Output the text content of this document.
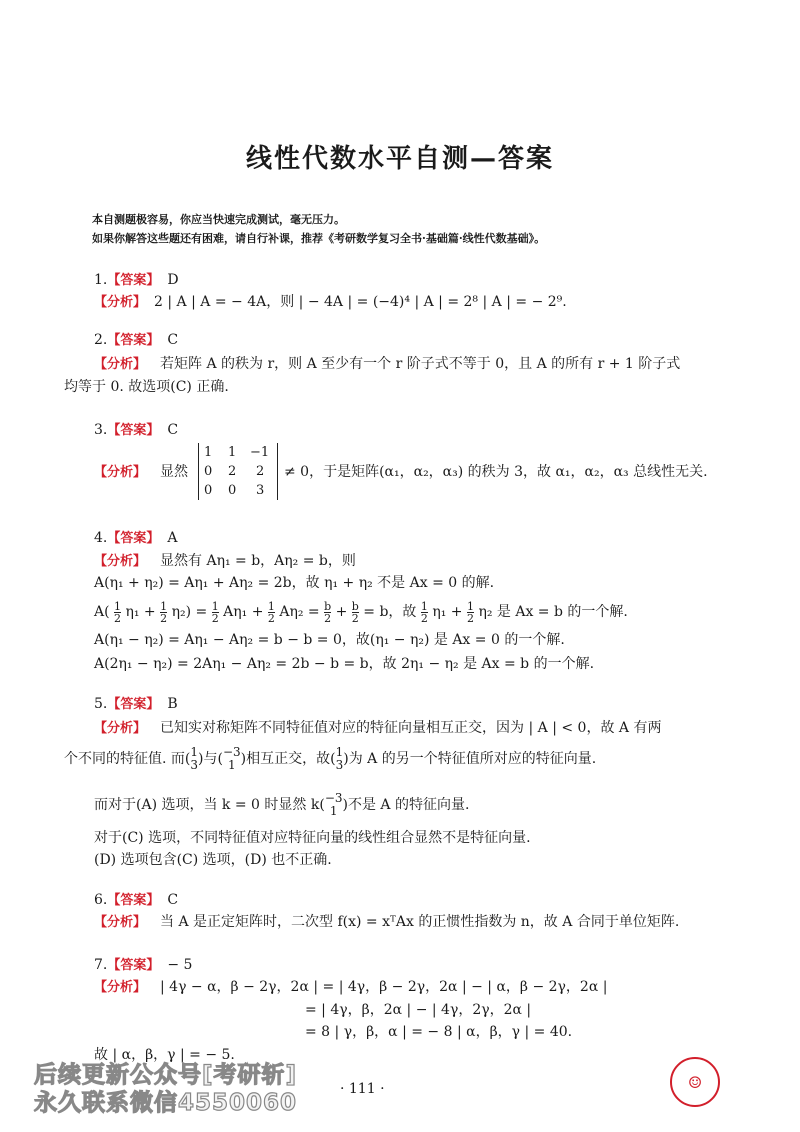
线性代数水平自测—答案
本自测题极容易，你应当快速完成测试，毫无压力。
如果你解答这些题还有困难，请自行补课，推荐《考研数学复习全书·基础篇·线性代数基础》。
1.【答案】 D
【分析】 2 | A | A = − 4A，则 | − 4A | = (−4)⁴ | A | = 2⁸ | A | = − 2⁹.
2.【答案】 C
【分析】 若矩阵 A 的秩为 r，则 A 至少有一个 r 阶子式不等于 0，且 A 的所有 r + 1 阶子式
均等于 0. 故选项(C) 正确.
3.【答案】 C
【分析】 显然
1	1	−1
0	2	2
0	0	3
≠ 0，于是矩阵(α₁，α₂，α₃) 的秩为 3，故 α₁，α₂，α₃ 总线性无关.
4.【答案】 A
【分析】 显然有 Aη₁ = b，Aη₂ = b，则
A(η₁ + η₂) = Aη₁ + Aη₂ = 2b，故 η₁ + η₂ 不是 Ax = 0 的解.
$A( \frac{1}{2} \eta_1 + \frac{1}{2} \eta_2) = \frac{1}{2} A\eta_1 + \frac{1}{2} A\eta_2 = \frac{b}{2} + \frac{b}{2} = b$，故 $\frac{1}{2} \eta_1 + \frac{1}{2} \eta_2$ 是 Ax = b 的一个解.
A(η₁ − η₂) = Aη₁ − Aη₂ = b − b = 0，故(η₁ − η₂) 是 Ax = 0 的一个解.
A(2η₁ − η₂) = 2Aη₁ − Aη₂ = 2b − b = b，故 2η₁ − η₂ 是 Ax = b 的一个解.
5.【答案】 B
【分析】 已知实对称矩阵不同特征值对应的特征向量相互正交，因为 | A | < 0，故 A 有两
个不同的特征值. 而(1
3)与(−3
1 )相互正交，故(1
3)为 A 的另一个特征值所对应的特征向量.
而对于(A) 选项，当 k = 0 时显然 k(−3
1 )不是 A 的特征向量.
对于(C) 选项，不同特征值对应特征向量的线性组合显然不是特征向量.
(D) 选项包含(C) 选项，(D) 也不正确.
6.【答案】 C
【分析】 当 A 是正定矩阵时，二次型 f(x) = xᵀAx 的正惯性指数为 n，故 A 合同于单位矩阵.
7.【答案】 − 5
【分析】 | 4γ − α，β − 2γ，2α | = | 4γ，β − 2γ，2α | − | α，β − 2γ，2α |
= | 4γ，β，2α | − | 4γ，2γ，2α |
= 8 | γ，β，α | = − 8 | α，β，γ | = 40.
故 | α，β，γ | = − 5.
· 111 ·
后续更新公众号[考研斩]
永久联系微信4550060
☺
